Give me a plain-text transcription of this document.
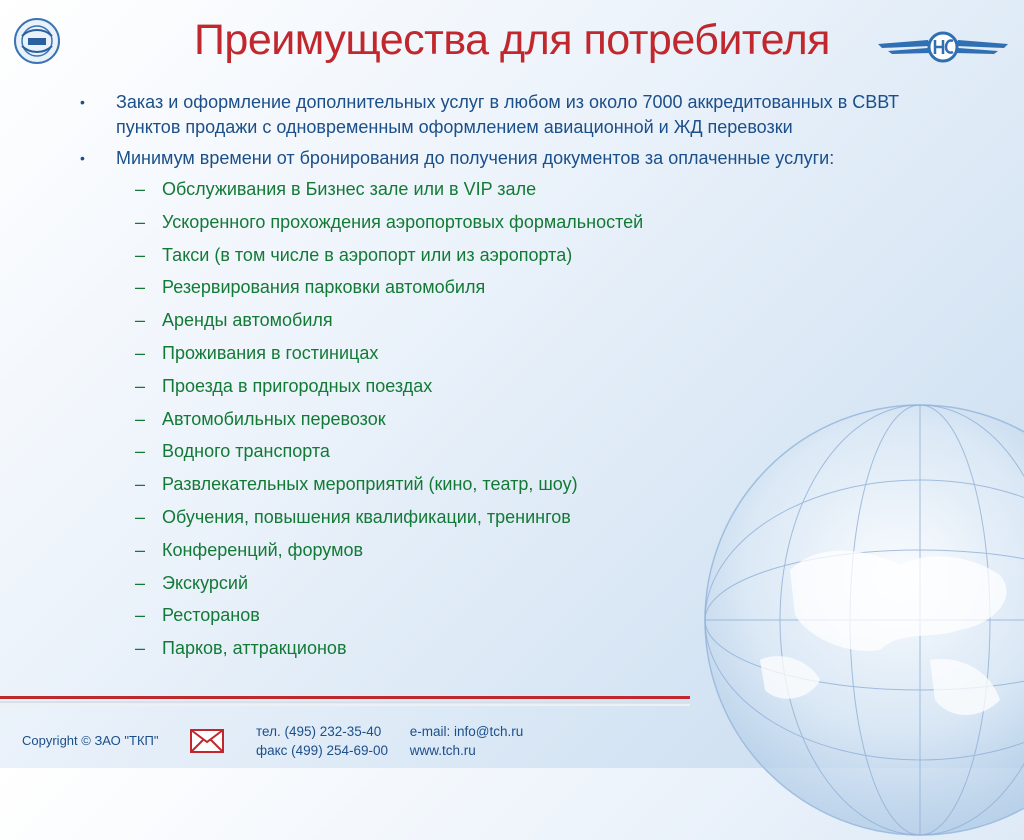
Преимущества для потребителя
• Заказ и оформление дополнительных услуг в любом из около 7000 аккредитованных в СВВТ пунктов продажи с одновременным оформлением авиационной и ЖД перевозки
• Минимум времени от бронирования до получения документов за оплаченные услуги:
– Обслуживания в Бизнес зале или в VIP зале
– Ускоренного прохождения аэропортовых формальностей
– Такси (в том числе в аэропорт или из аэропорта)
– Резервирования парковки автомобиля
– Аренды автомобиля
– Проживания в гостиницах
– Проезда в пригородных поездах
– Автомобильных перевозок
– Водного транспорта
– Развлекательных мероприятий (кино, театр, шоу)
– Обучения, повышения квалификации, тренингов
– Конференций, форумов
– Экскурсий
– Ресторанов
– Парков, аттракционов
Copyright © ЗАО "ТКП"
тел. (495) 232-35-40 e-mail: info@tch.ru
факс (499) 254-69-00 www.tch.ru
